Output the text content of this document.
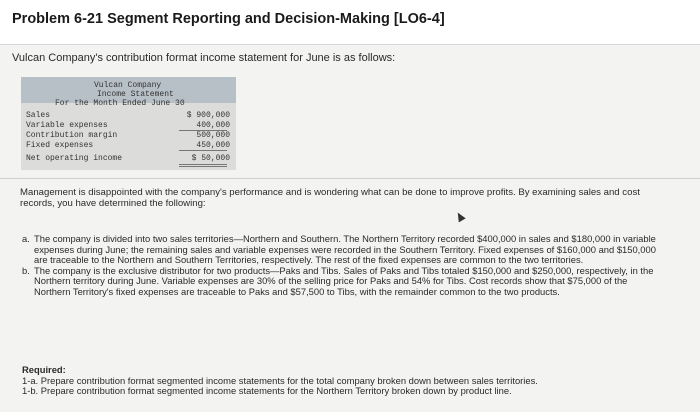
Problem 6-21 Segment Reporting and Decision-Making [LO6-4]

Vulcan Company's contribution format income statement for June is as follows:

Vulcan Company
Income Statement
For the Month Ended June 30
Sales
Variable expenses
Contribution margin
Fixed expenses
Net operating income
$ 900,000
400,000
500,000
450,000
$ 50,000

Management is disappointed with the company's performance and is wondering what can be done to improve profits. By examining sales and cost records, you have determined the following:

a. The company is divided into two sales territories—Northern and Southern. The Northern Territory recorded $400,000 in sales and $180,000 in variable expenses during June; the remaining sales and variable expenses were recorded in the Southern Territory. Fixed expenses of $160,000 and $150,000 are traceable to the Northern and Southern Territories, respectively. The rest of the fixed expenses are common to the two territories.
b. The company is the exclusive distributor for two products—Paks and Tibs. Sales of Paks and Tibs totaled $150,000 and $250,000, respectively, in the Northern territory during June. Variable expenses are 30% of the selling price for Paks and 54% for Tibs. Cost records show that $75,000 of the Northern Territory's fixed expenses are traceable to Paks and $57,500 to Tibs, with the remainder common to the two products.
Required:
1-a. Prepare contribution format segmented income statements for the total company broken down between sales territories.
1-b. Prepare contribution format segmented income statements for the Northern Territory broken down by product line.
